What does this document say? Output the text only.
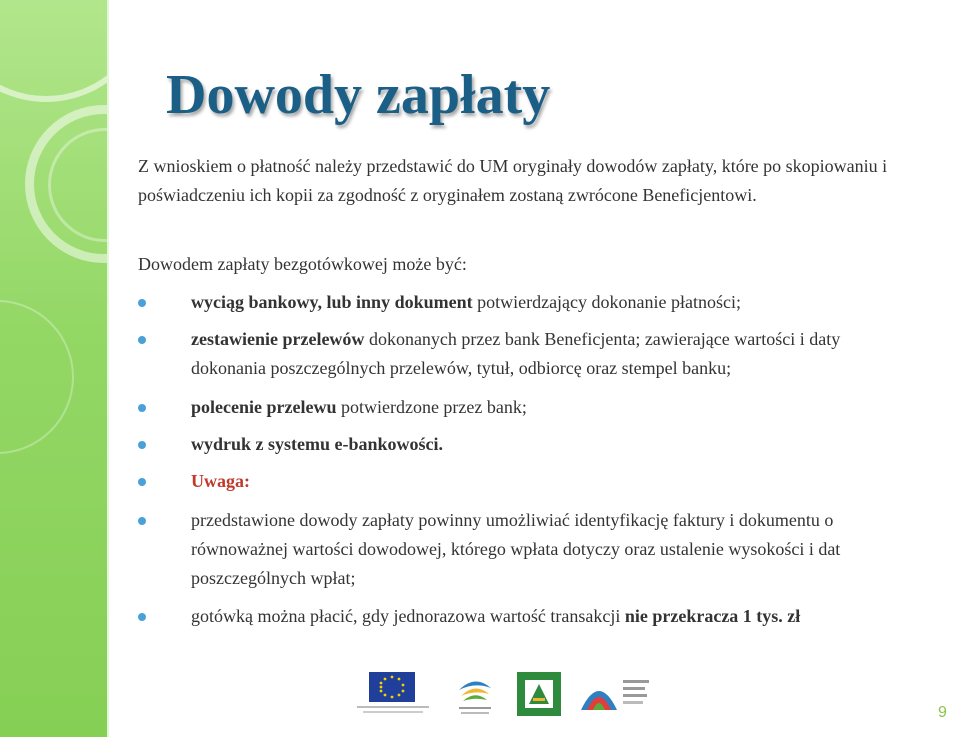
Dowody zapłaty

Z wnioskiem o płatność należy przedstawić do UM oryginały dowodów zapłaty, które po skopiowaniu i poświadczeniu ich kopii za zgodność z oryginałem zostaną zwrócone Beneficjentowi.

Dowodem zapłaty bezgotówkowej może być:

wyciąg bankowy, lub inny dokument potwierdzający dokonanie płatności;

zestawienie przelewów dokonanych przez bank Beneficjenta; zawierające wartości i daty dokonania poszczególnych przelewów, tytuł, odbiorcę oraz stempel banku;

polecenie przelewu potwierdzone przez bank;

wydruk z systemu e-bankowości.

Uwaga:

przedstawione dowody zapłaty powinny umożliwiać identyfikację faktury i dokumentu o równoważnej wartości dowodowej, którego wpłata dotyczy oraz ustalenie wysokości i dat poszczególnych wpłat;

gotówką można płacić, gdy jednorazowa wartość transakcji nie przekracza 1 tys. zł

9
